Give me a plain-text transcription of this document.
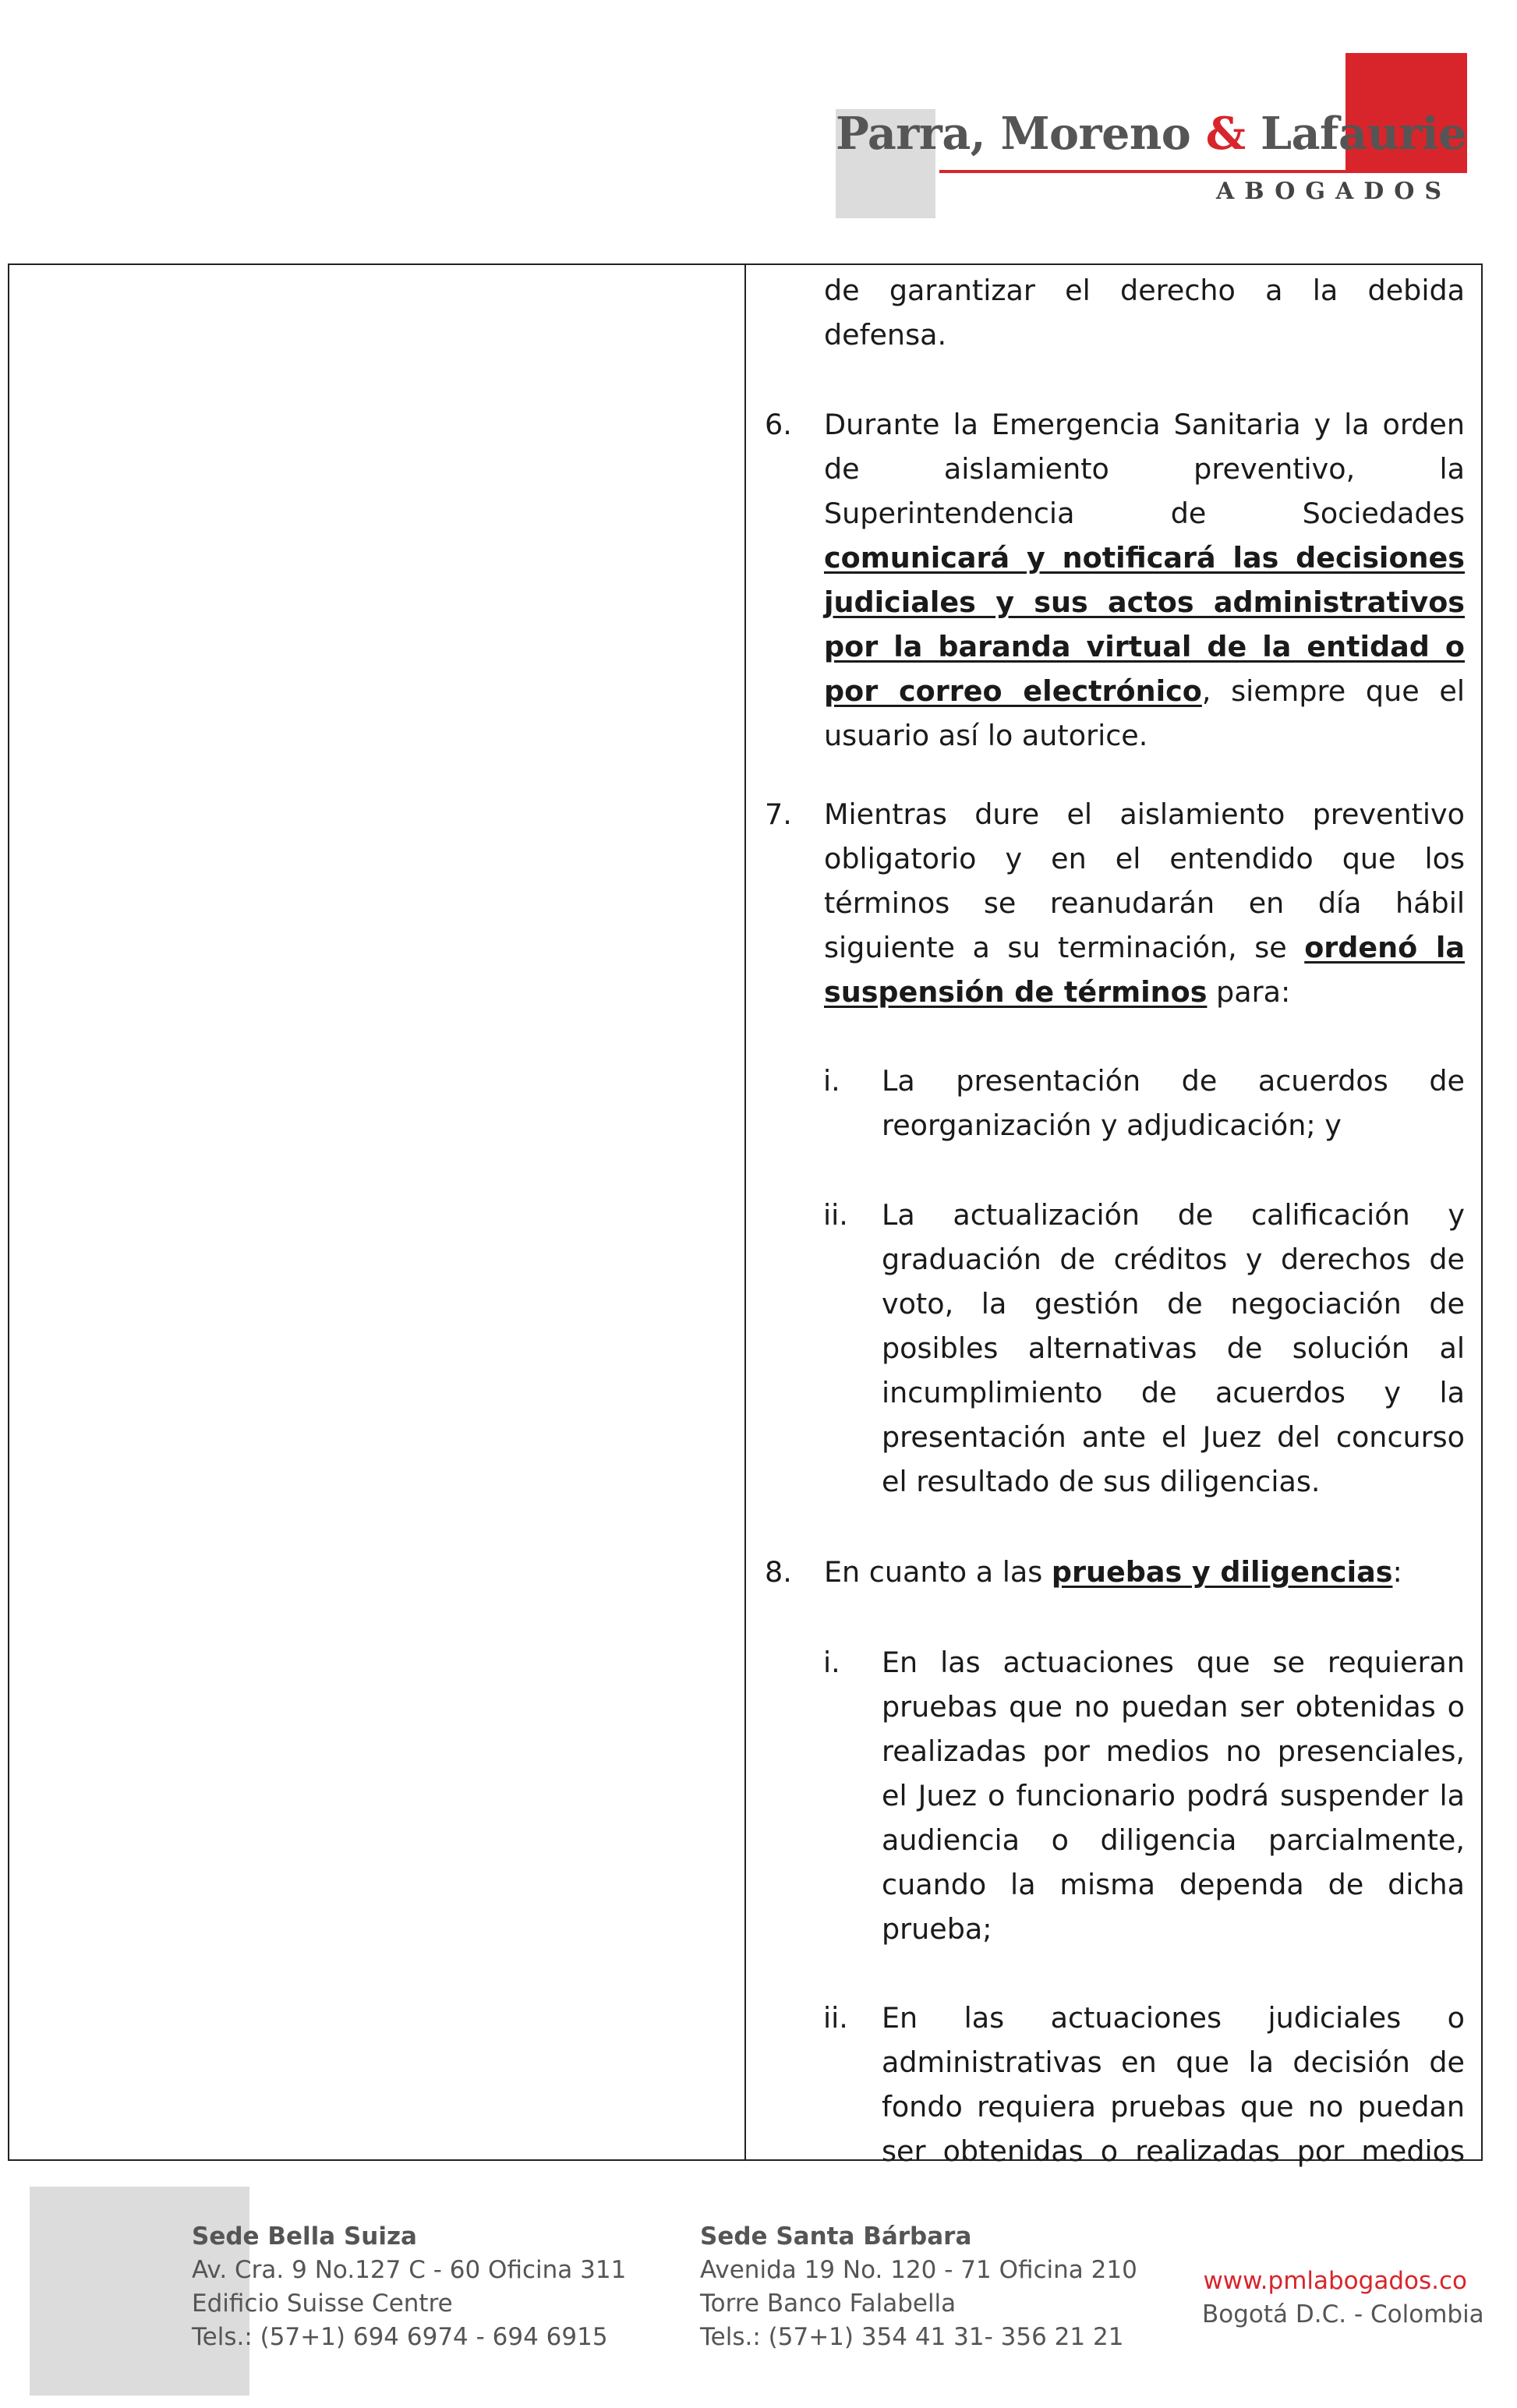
Parra, Moreno & Lafaurie
ABOGADOS
de garantizar el derecho a la debida defensa.
6.	Durante la Emergencia Sanitaria y la orden de aislamiento preventivo, la Superintendencia de Sociedades comunicará y notificará las decisiones judiciales y sus actos administrativos por la baranda virtual de la entidad o por correo electrónico, siempre que el usuario así lo autorice.
7.	Mientras dure el aislamiento preventivo obligatorio y en el entendido que los términos se reanudarán en día hábil siguiente a su terminación, se ordenó la suspensión de términos para:
i.	La presentación de acuerdos de reorganización y adjudicación; y
ii.	La actualización de calificación y graduación de créditos y derechos de voto, la gestión de negociación de posibles alternativas de solución al incumplimiento de acuerdos y la presentación ante el Juez del concurso el resultado de sus diligencias.
8.	En cuanto a las pruebas y diligencias:
i.	En las actuaciones que se requieran pruebas que no puedan ser obtenidas o realizadas por medios no presenciales, el Juez o funcionario podrá suspender la audiencia o diligencia parcialmente, cuando la misma dependa de dicha prueba;
ii.	En las actuaciones judiciales o administrativas en que la decisión de fondo requiera pruebas que no puedan ser obtenidas o realizadas por medios
Sede Bella Suiza
Av. Cra. 9 No.127 C - 60 Oficina 311
Edificio Suisse Centre
Tels.: (57+1) 694 6974 - 694 6915
Sede Santa Bárbara
Avenida 19 No. 120 - 71 Oficina 210
Torre Banco Falabella
Tels.: (57+1) 354 41 31- 356 21 21
www.pmlabogados.co
Bogotá D.C. - Colombia
